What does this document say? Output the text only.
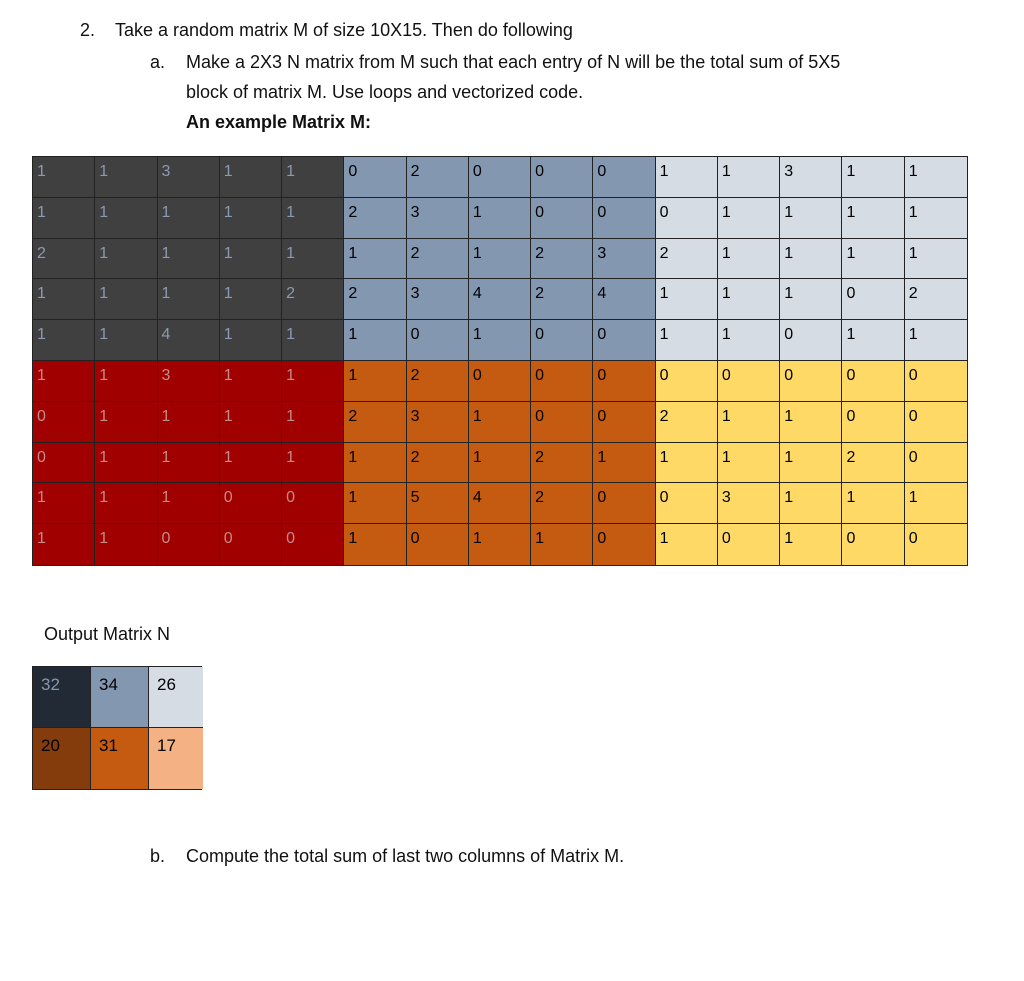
2. Take a random matrix M of size 10X15. Then do following
a. Make a 2X3 N matrix from M such that each entry of N will be the total sum of 5X5
block of matrix M. Use loops and vectorized code.
An example Matrix M:
1	1	3	1	1	0	2	0	0	0	1	1	3	1	1
1	1	1	1	1	2	3	1	0	0	0	1	1	1	1
2	1	1	1	1	1	2	1	2	3	2	1	1	1	1
1	1	1	1	2	2	3	4	2	4	1	1	1	0	2
1	1	4	1	1	1	0	1	0	0	1	1	0	1	1
1	1	3	1	1	1	2	0	0	0	0	0	0	0	0
0	1	1	1	1	2	3	1	0	0	2	1	1	0	0
0	1	1	1	1	1	2	1	2	1	1	1	1	2	0
1	1	1	0	0	1	5	4	2	0	0	3	1	1	1
1	1	0	0	0	1	0	1	1	0	1	0	1	0	0
Output Matrix N
32	34	26
20	31	17
b. Compute the total sum of last two columns of Matrix M.
